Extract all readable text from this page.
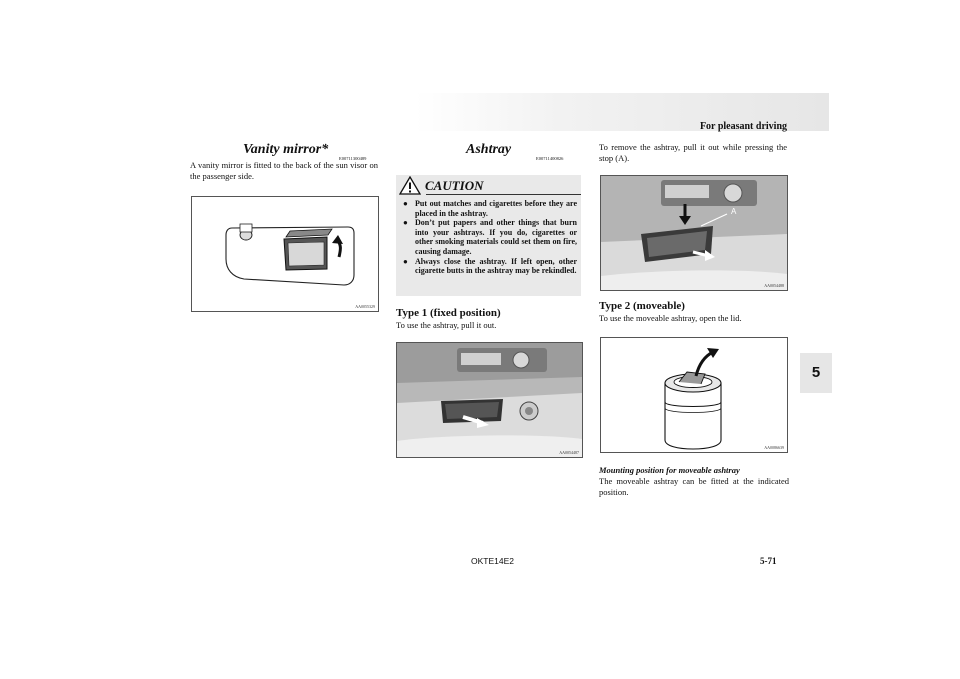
For pleasant driving
5
Vanity mirror*
E00711300489
A vanity mirror is fitted to the back of the sun visor on the passenger side.
AA0055329
Ashtray
E00711400826
CAUTION
● Put out matches and cigarettes before they are placed in the ashtray.
● Don’t put papers and other things that burn into your ashtrays. If you do, cigarettes or other smoking materials could set them on fire, causing damage.
● Always close the ashtray. If left open, other cigarette butts in the ashtray may be rekindled.
Type 1 (fixed position)
To use the ashtray, pull it out.
AA0054487
To remove the ashtray, pull it out while pressing the stop (A).
A
AA0054488
Type 2 (moveable)
To use the moveable ashtray, open the lid.
AA0086639
Mounting position for moveable ashtray
The moveable ashtray can be fitted at the indicated position.
OKTE14E2	5-71
